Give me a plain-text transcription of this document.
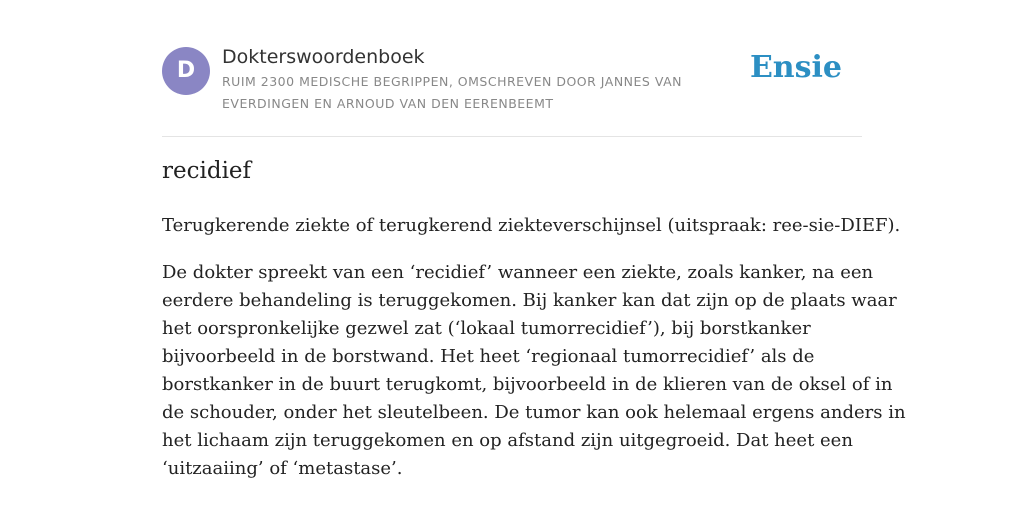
D
Dokterswoordenboek
RUIM 2300 MEDISCHE BEGRIPPEN, OMSCHREVEN DOOR JANNES VAN EVERDINGEN EN ARNOUD VAN DEN EERENBEEMT
Ensie
recidief

Terugkerende ziekte of terugkerend ziekteverschijnsel (uitspraak: ree-sie-DIEF).

De dokter spreekt van een ‘recidief’ wanneer een ziekte, zoals kanker, na een
eerdere behandeling is teruggekomen. Bij kanker kan dat zijn op de plaats waar
het oorspronkelijke gezwel zat (‘lokaal tumorrecidief’), bij borstkanker
bijvoorbeeld in de borstwand. Het heet ‘regionaal tumorrecidief’ als de
borstkanker in de buurt terugkomt, bijvoorbeeld in de klieren van de oksel of in
de schouder, onder het sleutelbeen. De tumor kan ook helemaal ergens anders in
het lichaam zijn teruggekomen en op afstand zijn uitgegroeid. Dat heet een
‘uitzaaiing’ of ‘metastase’.
